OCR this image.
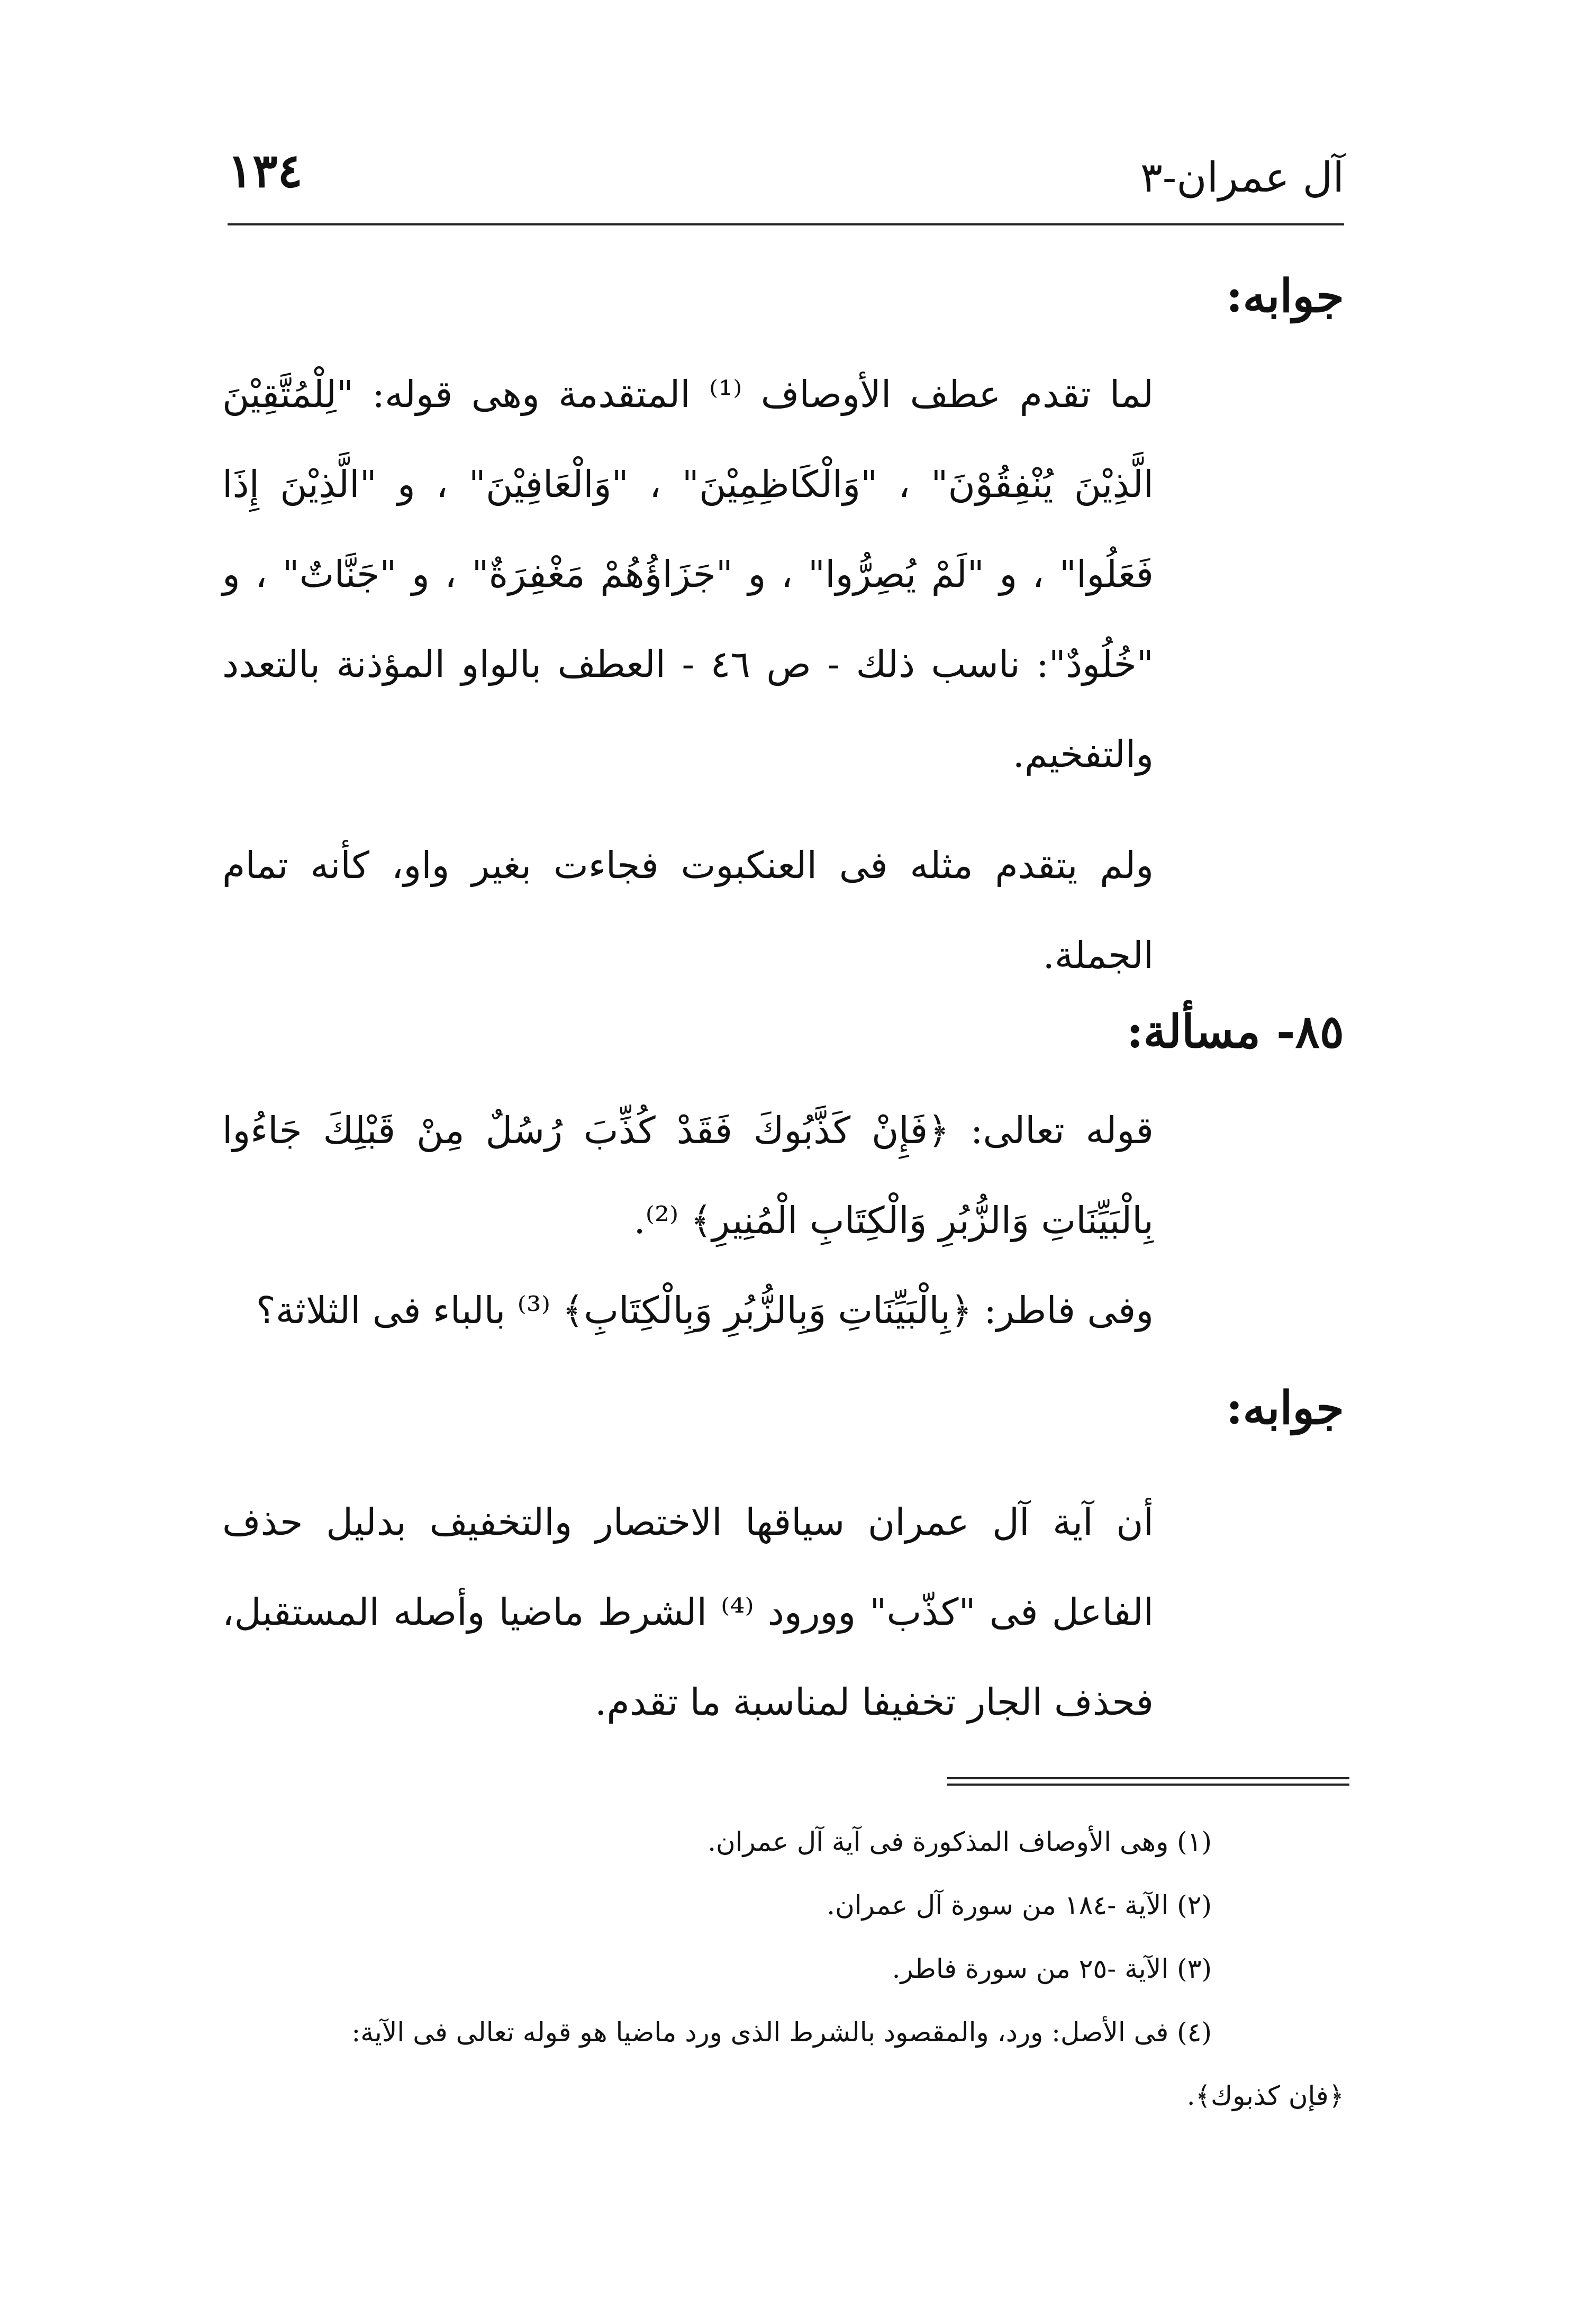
آل عمران-٣
١٣٤
جوابه:

لما تقدم عطف الأوصاف ⁽¹⁾ المتقدمة وهى قوله: "لِلْمُتَّقِيْنَ الَّذِيْنَ يُنْفِقُوْنَ" ، "وَالْكَاظِمِيْنَ" ، "وَالْعَافِيْنَ" ، و "الَّذِيْنَ إِذَا فَعَلُوا" ، و "لَمْ يُصِرُّوا" ، و "جَزَاؤُهُمْ مَغْفِرَةٌ" ، و "جَنَّاتٌ" ، و "خُلُودٌ": ناسب ذلك - ص ٤٦ - العطف بالواو المؤذنة بالتعدد والتفخيم.

ولم يتقدم مثله فى العنكبوت فجاءت بغير واو، كأنه تمام الجملة.

٨٥- مسألة:

قوله تعالى: ﴿فَإِنْ كَذَّبُوكَ فَقَدْ كُذِّبَ رُسُلٌ مِنْ قَبْلِكَ جَاءُوا بِالْبَيِّنَاتِ وَالزُّبُرِ وَالْكِتَابِ الْمُنِيرِ﴾ ⁽²⁾.

وفى فاطر: ﴿بِالْبَيِّنَاتِ وَبِالزُّبُرِ وَبِالْكِتَابِ﴾ ⁽³⁾ بالباء فى الثلاثة؟

جوابه:

أن آية آل عمران سياقها الاختصار والتخفيف بدليل حذف الفاعل فى "كذّب" وورود ⁽⁴⁾ الشرط ماضيا وأصله المستقبل، فحذف الجار تخفيفا لمناسبة ما تقدم.

(١) وهى الأوصاف المذكورة فى آية آل عمران.

(٢) الآية -١٨٤ من سورة آل عمران.

(٣) الآية -٢٥ من سورة فاطر.

(٤) فى الأصل: ورد، والمقصود بالشرط الذى ورد ماضيا هو قوله تعالى فى الآية:

﴿فإن كذبوك﴾.
